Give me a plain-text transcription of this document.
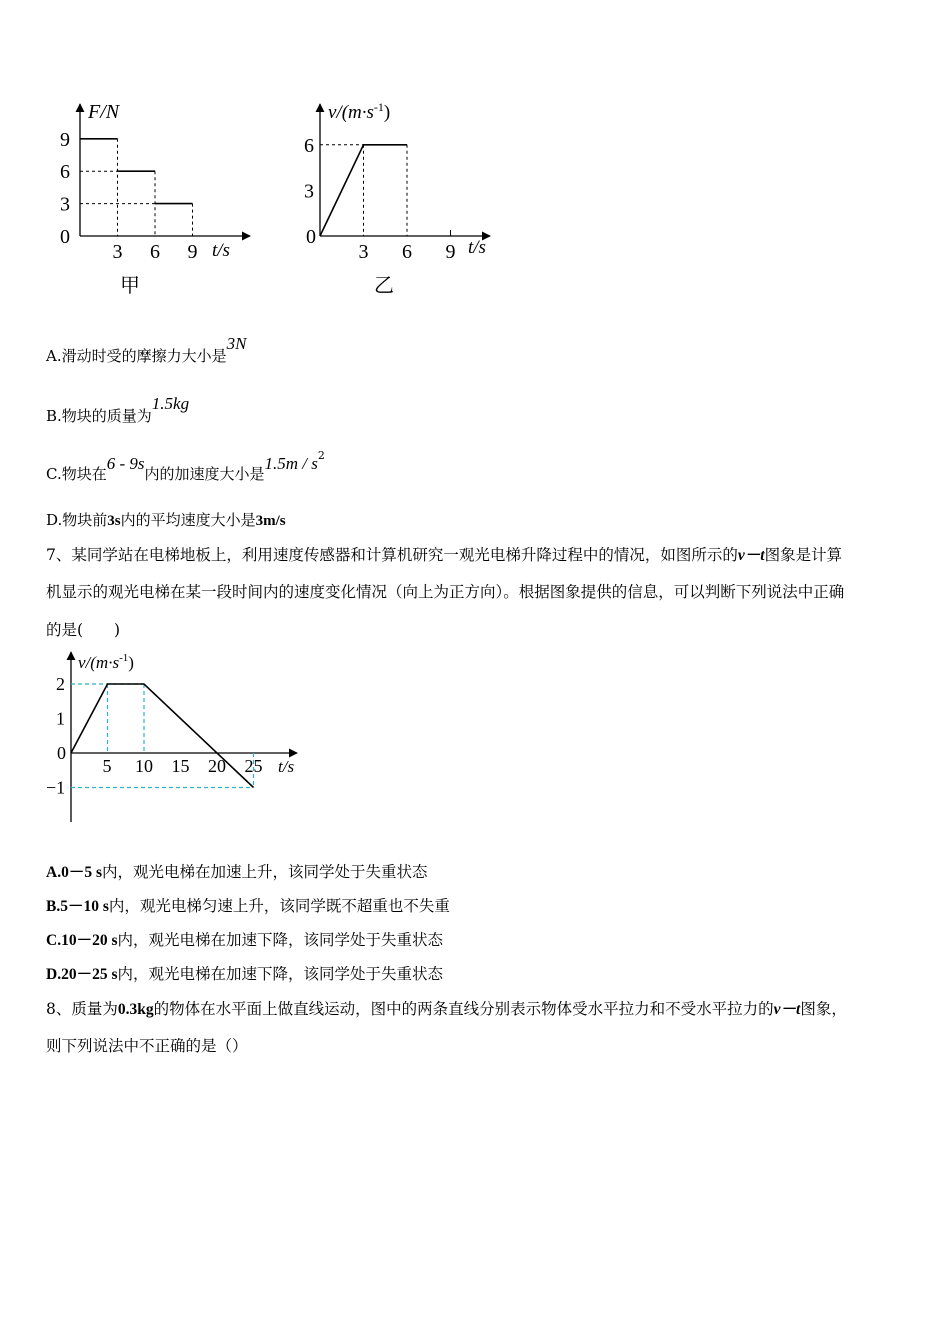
3
6
9
3 6 9
F/N
t/s
0
甲
3
6
3 6 9
$v/(m\cdot s^{-1})$
t/s
0
乙
A.滑动时受的摩擦力大小是3N
B.物块的质量为1.5kg
C.物块在6 - 9s内的加速度大小是$1.5m / s^2$
D.物块前3s内的平均速度大小是3m/s
7、某同学站在电梯地板上，利用速度传感器和计算机研究一观光电梯升降过程中的情况，如图所示的v－t图象是计算
机显示的观光电梯在某一段时间内的速度变化情况（向上为正方向）。根据图象提供的信息，可以判断下列说法中正确
的是(　　)
2
1
−1
5 10 15 20 25
$v/(m\cdot s^{-1})$
t/s
0
A.0－5 s内，观光电梯在加速上升，该同学处于失重状态
B.5－10 s内，观光电梯匀速上升，该同学既不超重也不失重
C.10－20 s内，观光电梯在加速下降，该同学处于失重状态
D.20－25 s内，观光电梯在加速下降，该同学处于失重状态
8、质量为0.3kg的物体在水平面上做直线运动，图中的两条直线分别表示物体受水平拉力和不受水平拉力的v－t图象，
则下列说法中不正确的是（）
